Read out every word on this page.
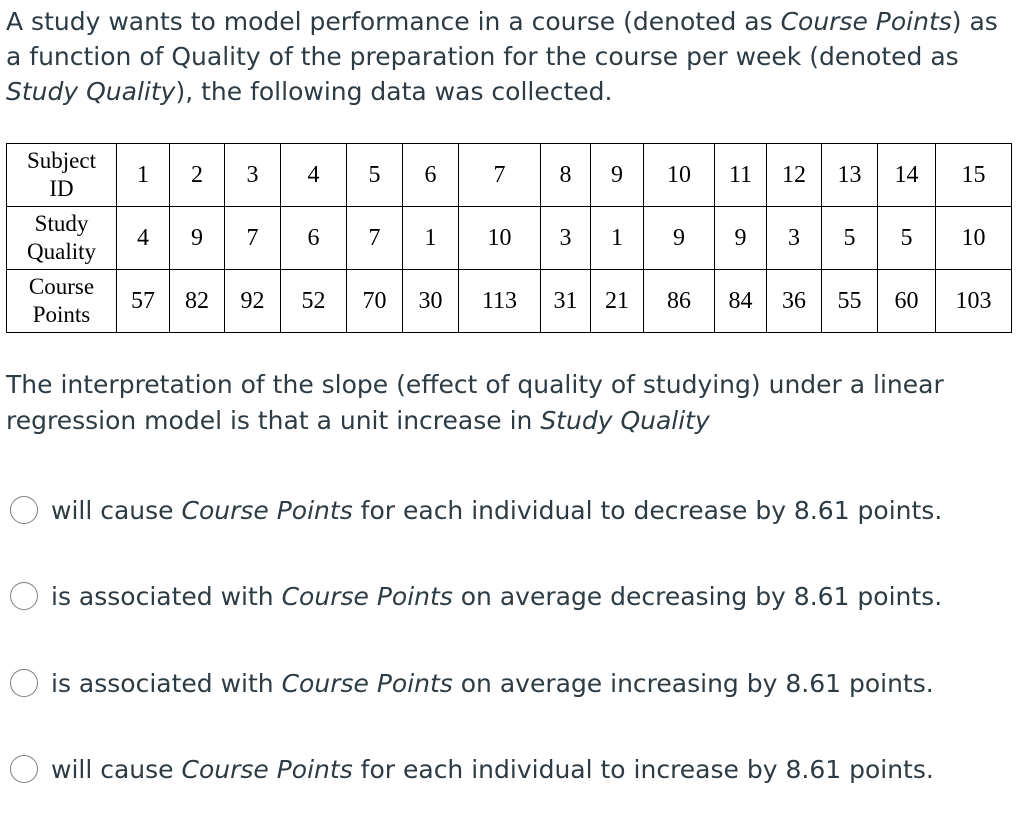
A study wants to model performance in a course (denoted as Course Points) as a function of Quality of the preparation for the course per week (denoted as Study Quality), the following data was collected.

Subject
ID	1	2	3	4	5	6	7	8	9	10	11	12	13	14	15
Study
Quality	4	9	7	6	7	1	10	3	1	9	9	3	5	5	10
Course
Points	57	82	92	52	70	30	113	31	21	86	84	36	55	60	103

The interpretation of the slope (effect of quality of studying) under a linear regression model is that a unit increase in Study Quality

will cause Course Points for each individual to decrease by 8.61 points.
is associated with Course Points on average decreasing by 8.61 points.
is associated with Course Points on average increasing by 8.61 points.
will cause Course Points for each individual to increase by 8.61 points.
